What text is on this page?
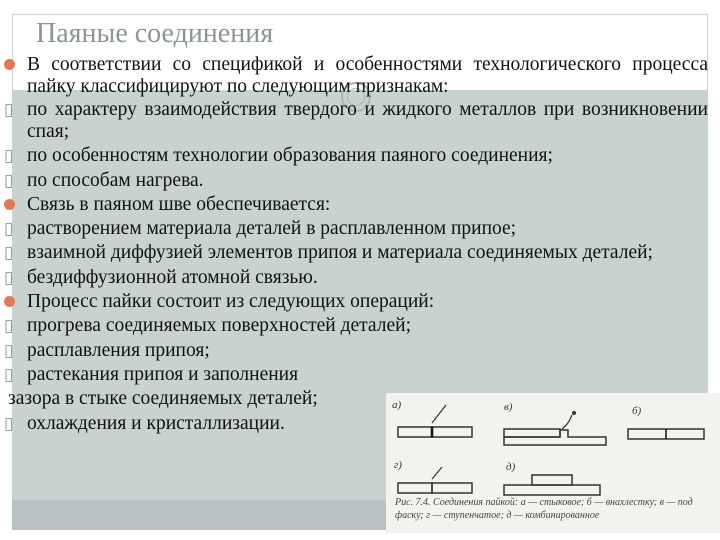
Паяные соединения
В соответствии со спецификой и особенностями технологического процесса пайку классифицируют по следующим признакам:
▯ по характеру взаимодействия твердого и жидкого металлов при возникновении спая;
▯ по особенностям технологии образования паяного соединения;
▯ по способам нагрева.
Связь в паяном шве обеспечивается:
▯ растворением материала деталей в расплавленном припое;
▯ взаимной диффузией элементов припоя и материала соединяемых деталей;
▯ бездиффузионной атомной связью.
Процесс пайки состоит из следующих операций:
▯ прогрева соединяемых поверхностей деталей;
▯ расплавления припоя;
▯ растекания припоя и заполнения
зазора в стыке соединяемых деталей;
▯ охлаждения и кристаллизации.
а)	в)	б)
г)	д)
Рис. 7.4. Соединения пайкой: а — стыковое; б — внахлестку; в — под
фаску; г — ступенчатое; д — комбинированное
